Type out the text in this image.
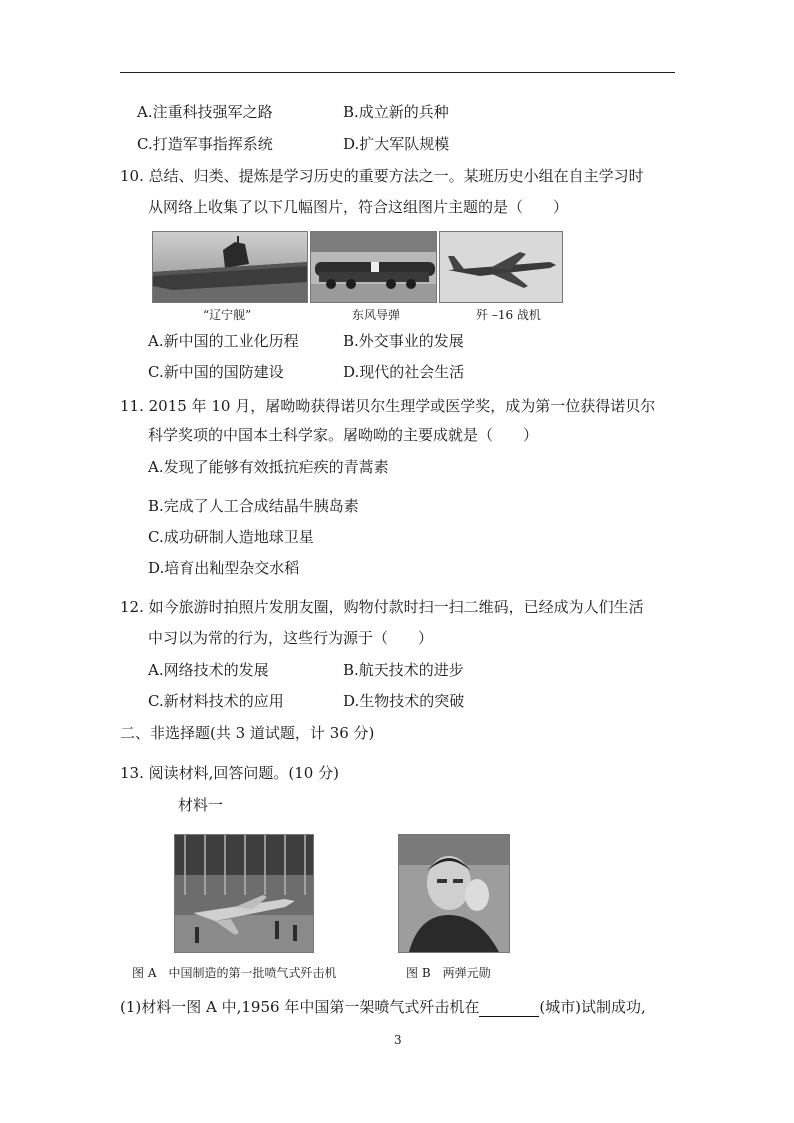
A.注重科技强军之路	B.成立新的兵种
C.打造军事指挥系统	D.扩大军队规模
10. 总结、归类、提炼是学习历史的重要方法之一。某班历史小组在自主学习时
从网络上收集了以下几幅图片，符合这组图片主题的是（　　）
“辽宁舰”	东风导弹	歼 –16 战机
A.新中国的工业化历程	B.外交事业的发展
C.新中国的国防建设	D.现代的社会生活
11. 2015 年 10 月，屠呦呦获得诺贝尔生理学或医学奖，成为第一位获得诺贝尔
科学奖项的中国本土科学家。屠呦呦的主要成就是（　　）
A.发现了能够有效抵抗疟疾的青蒿素
B.完成了人工合成结晶牛胰岛素
C.成功研制人造地球卫星
D.培育出籼型杂交水稻
12. 如今旅游时拍照片发朋友圈，购物付款时扫一扫二维码，已经成为人们生活
中习以为常的行为，这些行为源于（　　）
A.网络技术的发展	B.航天技术的进步
C.新材料技术的应用	D.生物技术的突破
二、非选择题(共 3 道试题，计 36 分)
13. 阅读材料,回答问题。(10 分)
材料一
图 A　中国制造的第一批喷气式歼击机	图 B　两弹元勋
(1)材料一图 A 中,1956 年中国第一架喷气式歼击机在	(城市)试制成功,
3
